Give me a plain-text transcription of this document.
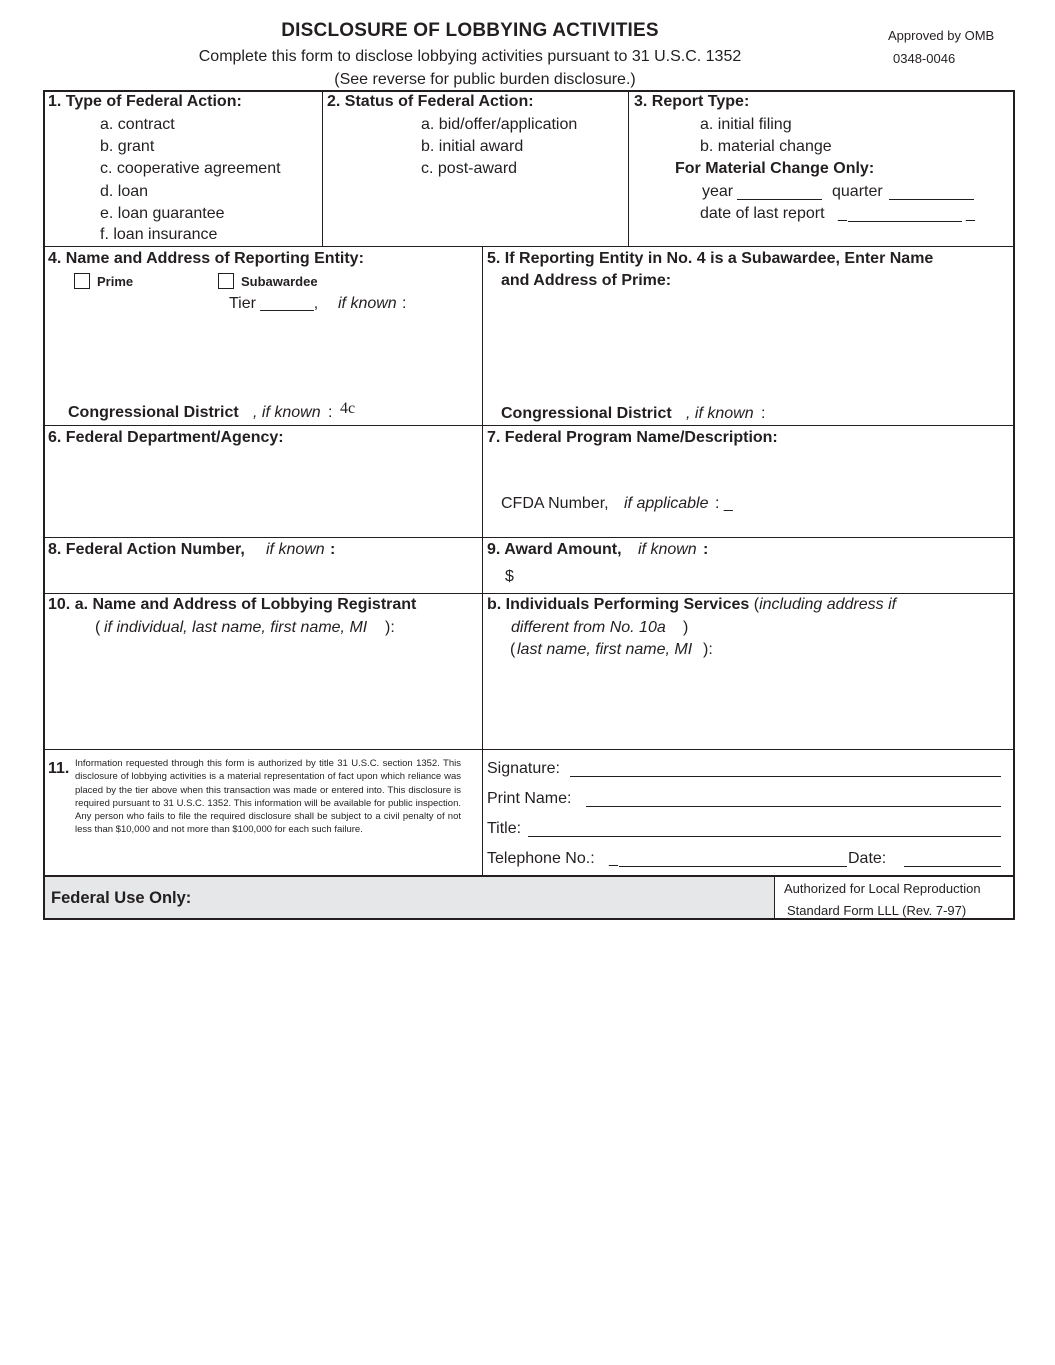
DISCLOSURE OF LOBBYING ACTIVITIES
Complete this form to disclose lobbying activities pursuant to 31 U.S.C. 1352
(See reverse for public burden disclosure.)
Approved by OMB
0348-0046
1. Type of Federal Action:
a. contract
b. grant
c. cooperative agreement
d. loan
e. loan guarantee
f. loan insurance
2. Status of Federal Action:
a. bid/offer/application
b. initial award
c. post-award
3. Report Type:
a. initial filing
b. material change
For Material Change Only:
year	quarter
date of last report _	_
4. Name and Address of Reporting Entity:
Prime	Subawardee
Tier ______, if known :
Congressional District , if known : 4c
5. If Reporting Entity in No. 4 is a Subawardee, Enter Name
and Address of Prime:
Congressional District , if known :
6. Federal Department/Agency:	7. Federal Program Name/Description:
CFDA Number, if applicable : _
8. Federal Action Number, if known :	9. Award Amount, if known :
$
10. a. Name and Address of Lobbying Registrant
( if individual, last name, first name, MI ):
b. Individuals Performing Services (including address if
different from No. 10a )
( last name, first name, MI ):
11. Information requested through this form is authorized by title 31 U.S.C. section 1352. This disclosure of lobbying activities is a material representation of fact upon which reliance was placed by the tier above when this transaction was made or entered into. This disclosure is required pursuant to 31 U.S.C. 1352. This information will be available for public inspection. Any person who fails to file the required disclosure shall be subject to a civil penalty of not less than $10,000 and not more than $100,000 for each such failure.
Signature:
Print Name:
Title:
Telephone No.: _	Date:
Federal Use Only:
Authorized for Local Reproduction
Standard Form LLL (Rev. 7-97)
